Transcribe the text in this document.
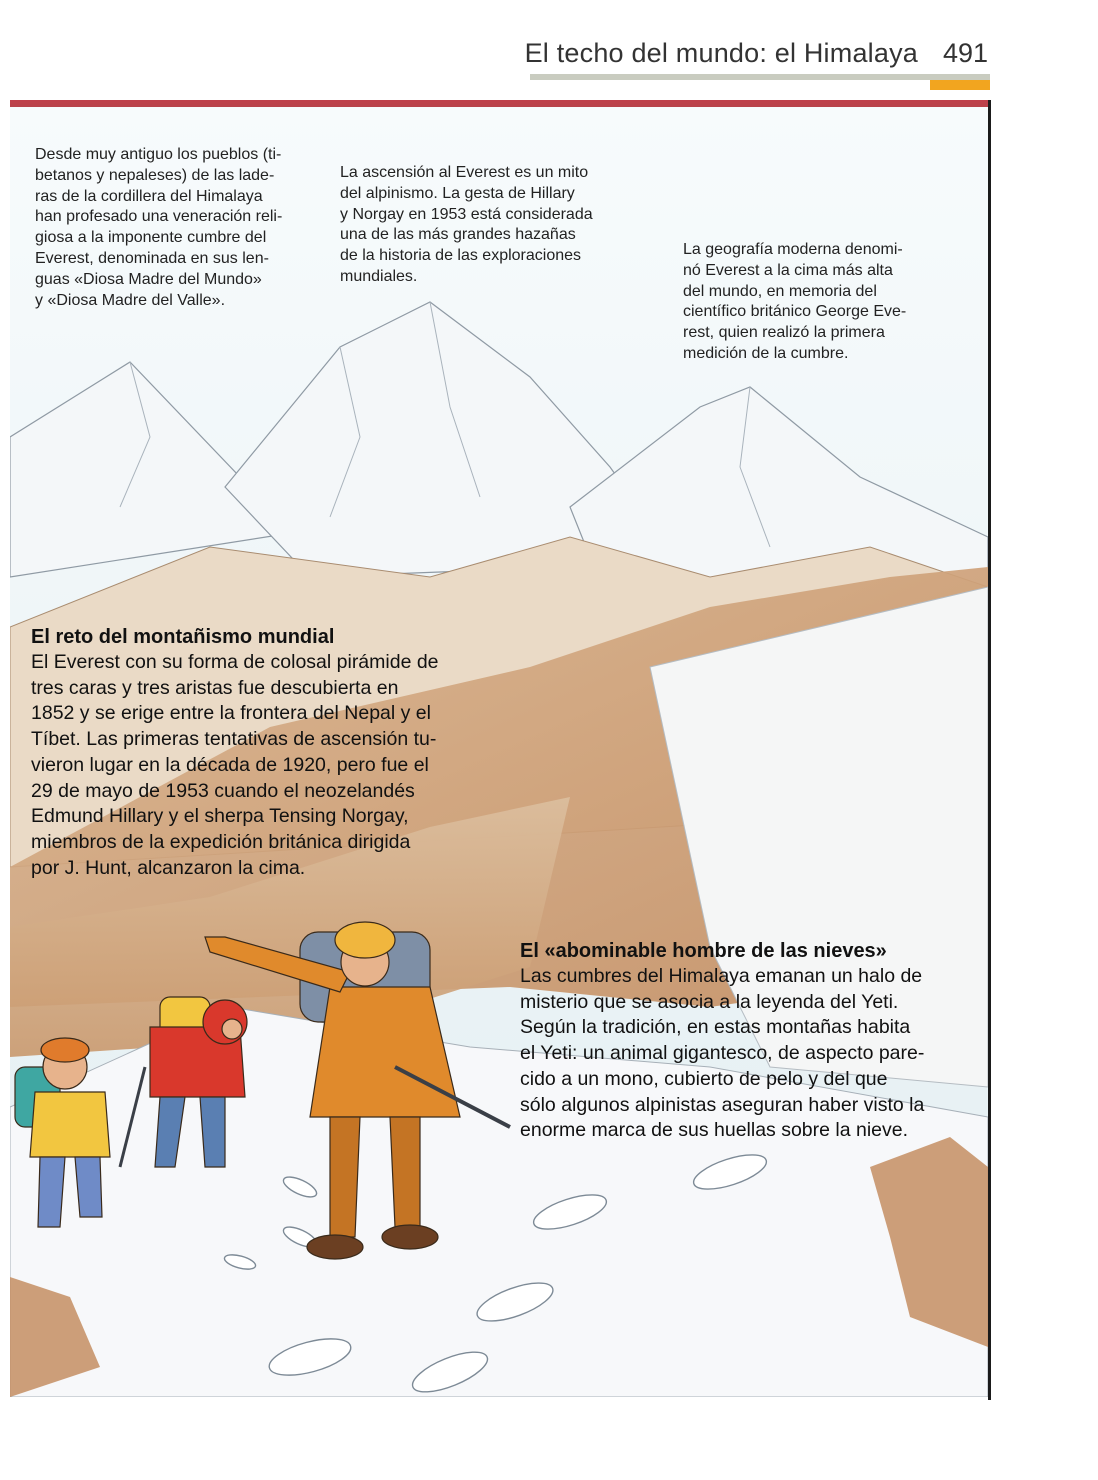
El techo del mundo: el Himalaya 491
Desde muy antiguo los pueblos (ti-
betanos y nepaleses) de las lade-
ras de la cordillera del Himalaya
han profesado una veneración reli-
giosa a la imponente cumbre del
Everest, denominada en sus len-
guas «Diosa Madre del Mundo»
y «Diosa Madre del Valle».
La ascensión al Everest es un mito
del alpinismo. La gesta de Hillary
y Norgay en 1953 está considerada
una de las más grandes hazañas
de la historia de las exploraciones
mundiales.
La geografía moderna denomi-
nó Everest a la cima más alta
del mundo, en memoria del
científico británico George Eve-
rest, quien realizó la primera
medición de la cumbre.
El reto del montañismo mundial
El Everest con su forma de colosal pirámide de
tres caras y tres aristas fue descubierta en
1852 y se erige entre la frontera del Nepal y el
Tíbet. Las primeras tentativas de ascensión tu-
vieron lugar en la década de 1920, pero fue el
29 de mayo de 1953 cuando el neozelandés
Edmund Hillary y el sherpa Tensing Norgay,
miembros de la expedición británica dirigida
por J. Hunt, alcanzaron la cima.
El «abominable hombre de las nieves»
Las cumbres del Himalaya emanan un halo de
misterio que se asocia a la leyenda del Yeti.
Según la tradición, en estas montañas habita
el Yeti: un animal gigantesco, de aspecto pare-
cido a un mono, cubierto de pelo y del que
sólo algunos alpinistas aseguran haber visto la
enorme marca de sus huellas sobre la nieve.
